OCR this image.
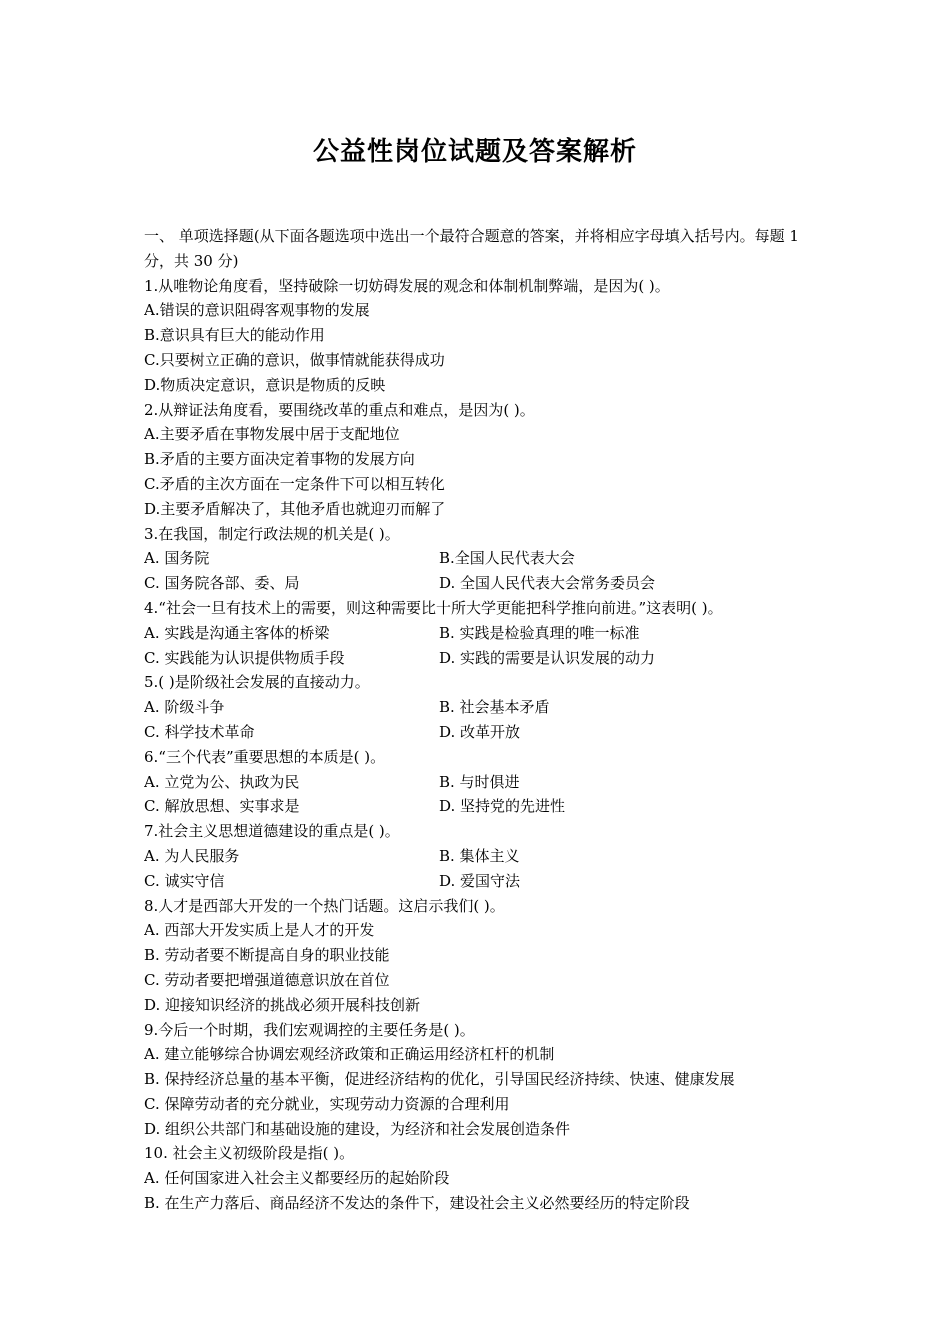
公益性岗位试题及答案解析
一、 单项选择题(从下面各题选项中选出一个最符合题意的答案，并将相应字母填入括号内。每题 1 分，共 30 分)
1.从唯物论角度看，坚持破除一切妨碍发展的观念和体制机制弊端，是因为( )。
A.错误的意识阻碍客观事物的发展
B.意识具有巨大的能动作用
C.只要树立正确的意识，做事情就能获得成功
D.物质决定意识，意识是物质的反映
2.从辩证法角度看，要围绕改革的重点和难点，是因为( )。
A.主要矛盾在事物发展中居于支配地位
B.矛盾的主要方面决定着事物的发展方向
C.矛盾的主次方面在一定条件下可以相互转化
D.主要矛盾解决了，其他矛盾也就迎刃而解了
3.在我国，制定行政法规的机关是( )。
A. 国务院	B.全国人民代表大会
C. 国务院各部、委、局	D. 全国人民代表大会常务委员会
4.“社会一旦有技术上的需要，则这种需要比十所大学更能把科学推向前进。”这表明( )。
A. 实践是沟通主客体的桥梁	B. 实践是检验真理的唯一标准
C. 实践能为认识提供物质手段	D. 实践的需要是认识发展的动力
5.( )是阶级社会发展的直接动力。
A. 阶级斗争	B. 社会基本矛盾
C. 科学技术革命	D. 改革开放
6.“三个代表”重要思想的本质是( )。
A. 立党为公、执政为民	B. 与时俱进
C. 解放思想、实事求是	D. 坚持党的先进性
7.社会主义思想道德建设的重点是( )。
A. 为人民服务	B. 集体主义
C. 诚实守信	D. 爱国守法
8.人才是西部大开发的一个热门话题。这启示我们( )。
A. 西部大开发实质上是人才的开发
B. 劳动者要不断提高自身的职业技能
C. 劳动者要把增强道德意识放在首位
D. 迎接知识经济的挑战必须开展科技创新
9.今后一个时期，我们宏观调控的主要任务是( )。
A. 建立能够综合协调宏观经济政策和正确运用经济杠杆的机制
B. 保持经济总量的基本平衡，促进经济结构的优化，引导国民经济持续、快速、健康发展
C. 保障劳动者的充分就业，实现劳动力资源的合理利用
D. 组织公共部门和基础设施的建设，为经济和社会发展创造条件
10. 社会主义初级阶段是指( )。
A. 任何国家进入社会主义都要经历的起始阶段
B. 在生产力落后、商品经济不发达的条件下，建设社会主义必然要经历的特定阶段
